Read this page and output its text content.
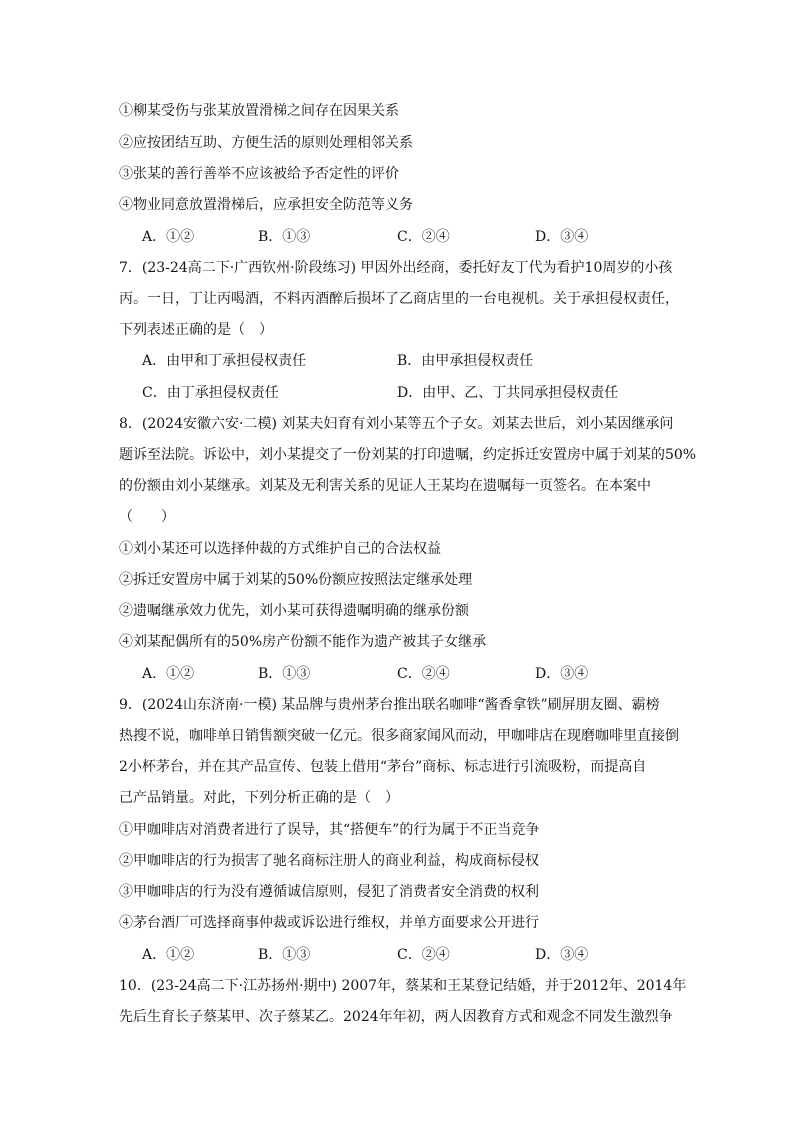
①柳某受伤与张某放置滑梯之间存在因果关系
②应按团结互助、方便生活的原则处理相邻关系
③张某的善行善举不应该被给予否定性的评价
④物业同意放置滑梯后，应承担安全防范等义务
A．①②	B．①③	C．②④	D．③④
7．(23-24高二下·广西钦州·阶段练习) 甲因外出经商，委托好友丁代为看护10周岁的小孩
丙。一日，丁让丙喝酒，不料丙酒醉后损坏了乙商店里的一台电视机。关于承担侵权责任，
下列表述正确的是（　）
A．由甲和丁承担侵权责任	B．由甲承担侵权责任
C．由丁承担侵权责任	D．由甲、乙、丁共同承担侵权责任
8．(2024安徽六安·二模) 刘某夫妇育有刘小某等五个子女。刘某去世后，刘小某因继承问
题诉至法院。诉讼中，刘小某提交了一份刘某的打印遗嘱，约定拆迁安置房中属于刘某的50%
的份额由刘小某继承。刘某及无利害关系的见证人王某均在遗嘱每一页签名。在本案中
（　　）
①刘小某还可以选择仲裁的方式维护自己的合法权益
②拆迁安置房中属于刘某的50%份额应按照法定继承处理
②遗嘱继承效力优先，刘小某可获得遗嘱明确的继承份额
④刘某配偶所有的50%房产份额不能作为遗产被其子女继承
A．①②	B．①③	C．②④	D．③④
9．(2024山东济南·一模) 某品牌与贵州茅台推出联名咖啡“酱香拿铁”刷屏朋友圈、霸榜
热搜不说，咖啡单日销售额突破一亿元。很多商家闻风而动，甲咖啡店在现磨咖啡里直接倒
2小杯茅台，并在其产品宣传、包装上借用“茅台”商标、标志进行引流吸粉，而提高自
己产品销量。对此，下列分析正确的是（　）
①甲咖啡店对消费者进行了误导，其“搭便车”的行为属于不正当竞争
②甲咖啡店的行为损害了驰名商标注册人的商业利益，构成商标侵权
③甲咖啡店的行为没有遵循诚信原则，侵犯了消费者安全消费的权利
④茅台酒厂可选择商事仲裁或诉讼进行维权，并单方面要求公开进行
A．①②	B．①③	C．②④	D．③④
10．(23-24高二下·江苏扬州·期中) 2007年，蔡某和王某登记结婚，并于2012年、2014年
先后生育长子蔡某甲、次子蔡某乙。2024年年初，两人因教育方式和观念不同发生激烈争
